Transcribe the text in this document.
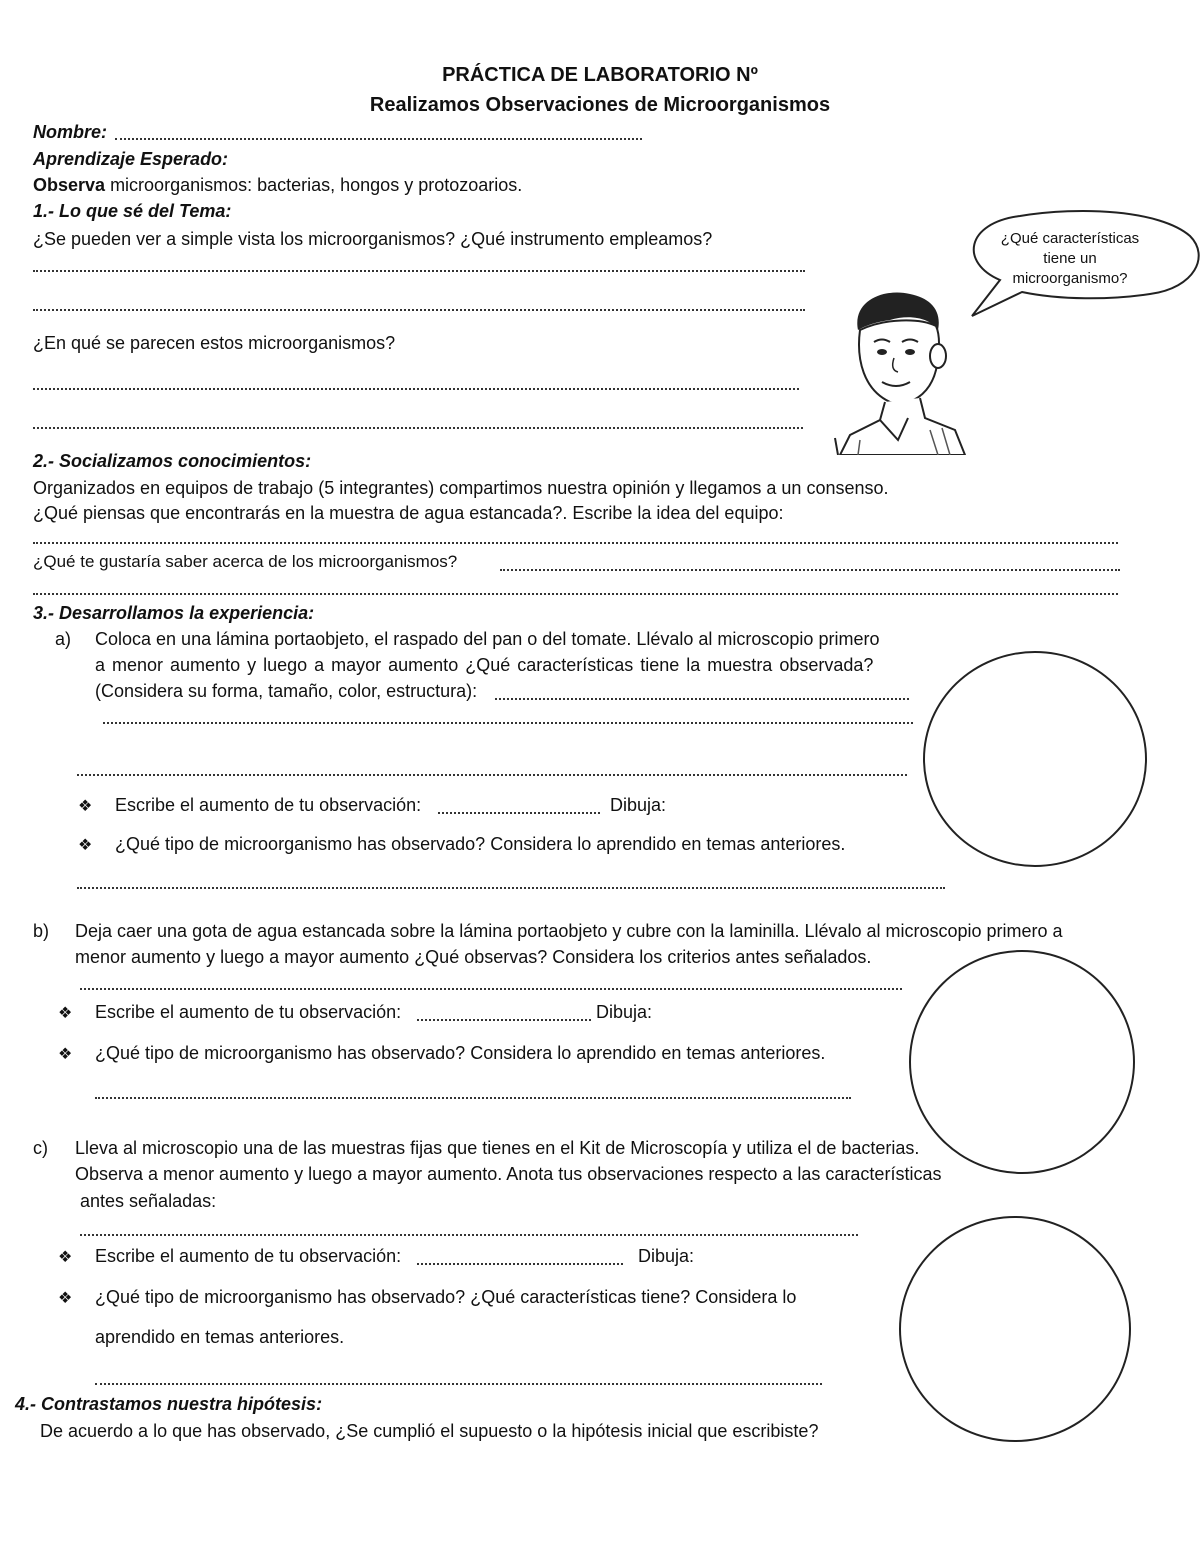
PRÁCTICA DE LABORATORIO Nº
Realizamos Observaciones de Microorganismos
Nombre:
Aprendizaje Esperado:
Observa microorganismos: bacterias, hongos y protozoarios.
1.- Lo que sé del Tema:
¿Se pueden ver a simple vista los microorganismos? ¿Qué instrumento empleamos?
¿En qué se parecen estos microorganismos?
¿Qué características
tiene un
microorganismo?
2.- Socializamos conocimientos:
Organizados en equipos de trabajo (5 integrantes) compartimos nuestra opinión y llegamos a un consenso.
¿Qué piensas que encontrarás en la muestra de agua estancada?. Escribe la idea del equipo:
¿Qué te gustaría saber acerca de los microorganismos?
3.- Desarrollamos la experiencia:
a) Coloca en una lámina portaobjeto, el raspado del pan o del tomate. Llévalo al microscopio primero
a menor aumento y luego a mayor aumento ¿Qué características tiene la muestra observada?
(Considera su forma, tamaño, color, estructura):
❖ Escribe el aumento de tu observación:	Dibuja:
❖ ¿Qué tipo de microorganismo has observado? Considera lo aprendido en temas anteriores.
b) Deja caer una gota de agua estancada sobre la lámina portaobjeto y cubre con la laminilla. Llévalo al microscopio primero a
menor aumento y luego a mayor aumento ¿Qué observas? Considera los criterios antes señalados.
❖ Escribe el aumento de tu observación:	Dibuja:
❖ ¿Qué tipo de microorganismo has observado? Considera lo aprendido en temas anteriores.
c) Lleva al microscopio una de las muestras fijas que tienes en el Kit de Microscopía y utiliza el de bacterias.
Observa a menor aumento y luego a mayor aumento. Anota tus observaciones respecto a las características
antes señaladas:
❖ Escribe el aumento de tu observación:	Dibuja:
❖ ¿Qué tipo de microorganismo has observado? ¿Qué características tiene? Considera lo
aprendido en temas anteriores.
4.- Contrastamos nuestra hipótesis:
De acuerdo a lo que has observado, ¿Se cumplió el supuesto o la hipótesis inicial que escribiste?
